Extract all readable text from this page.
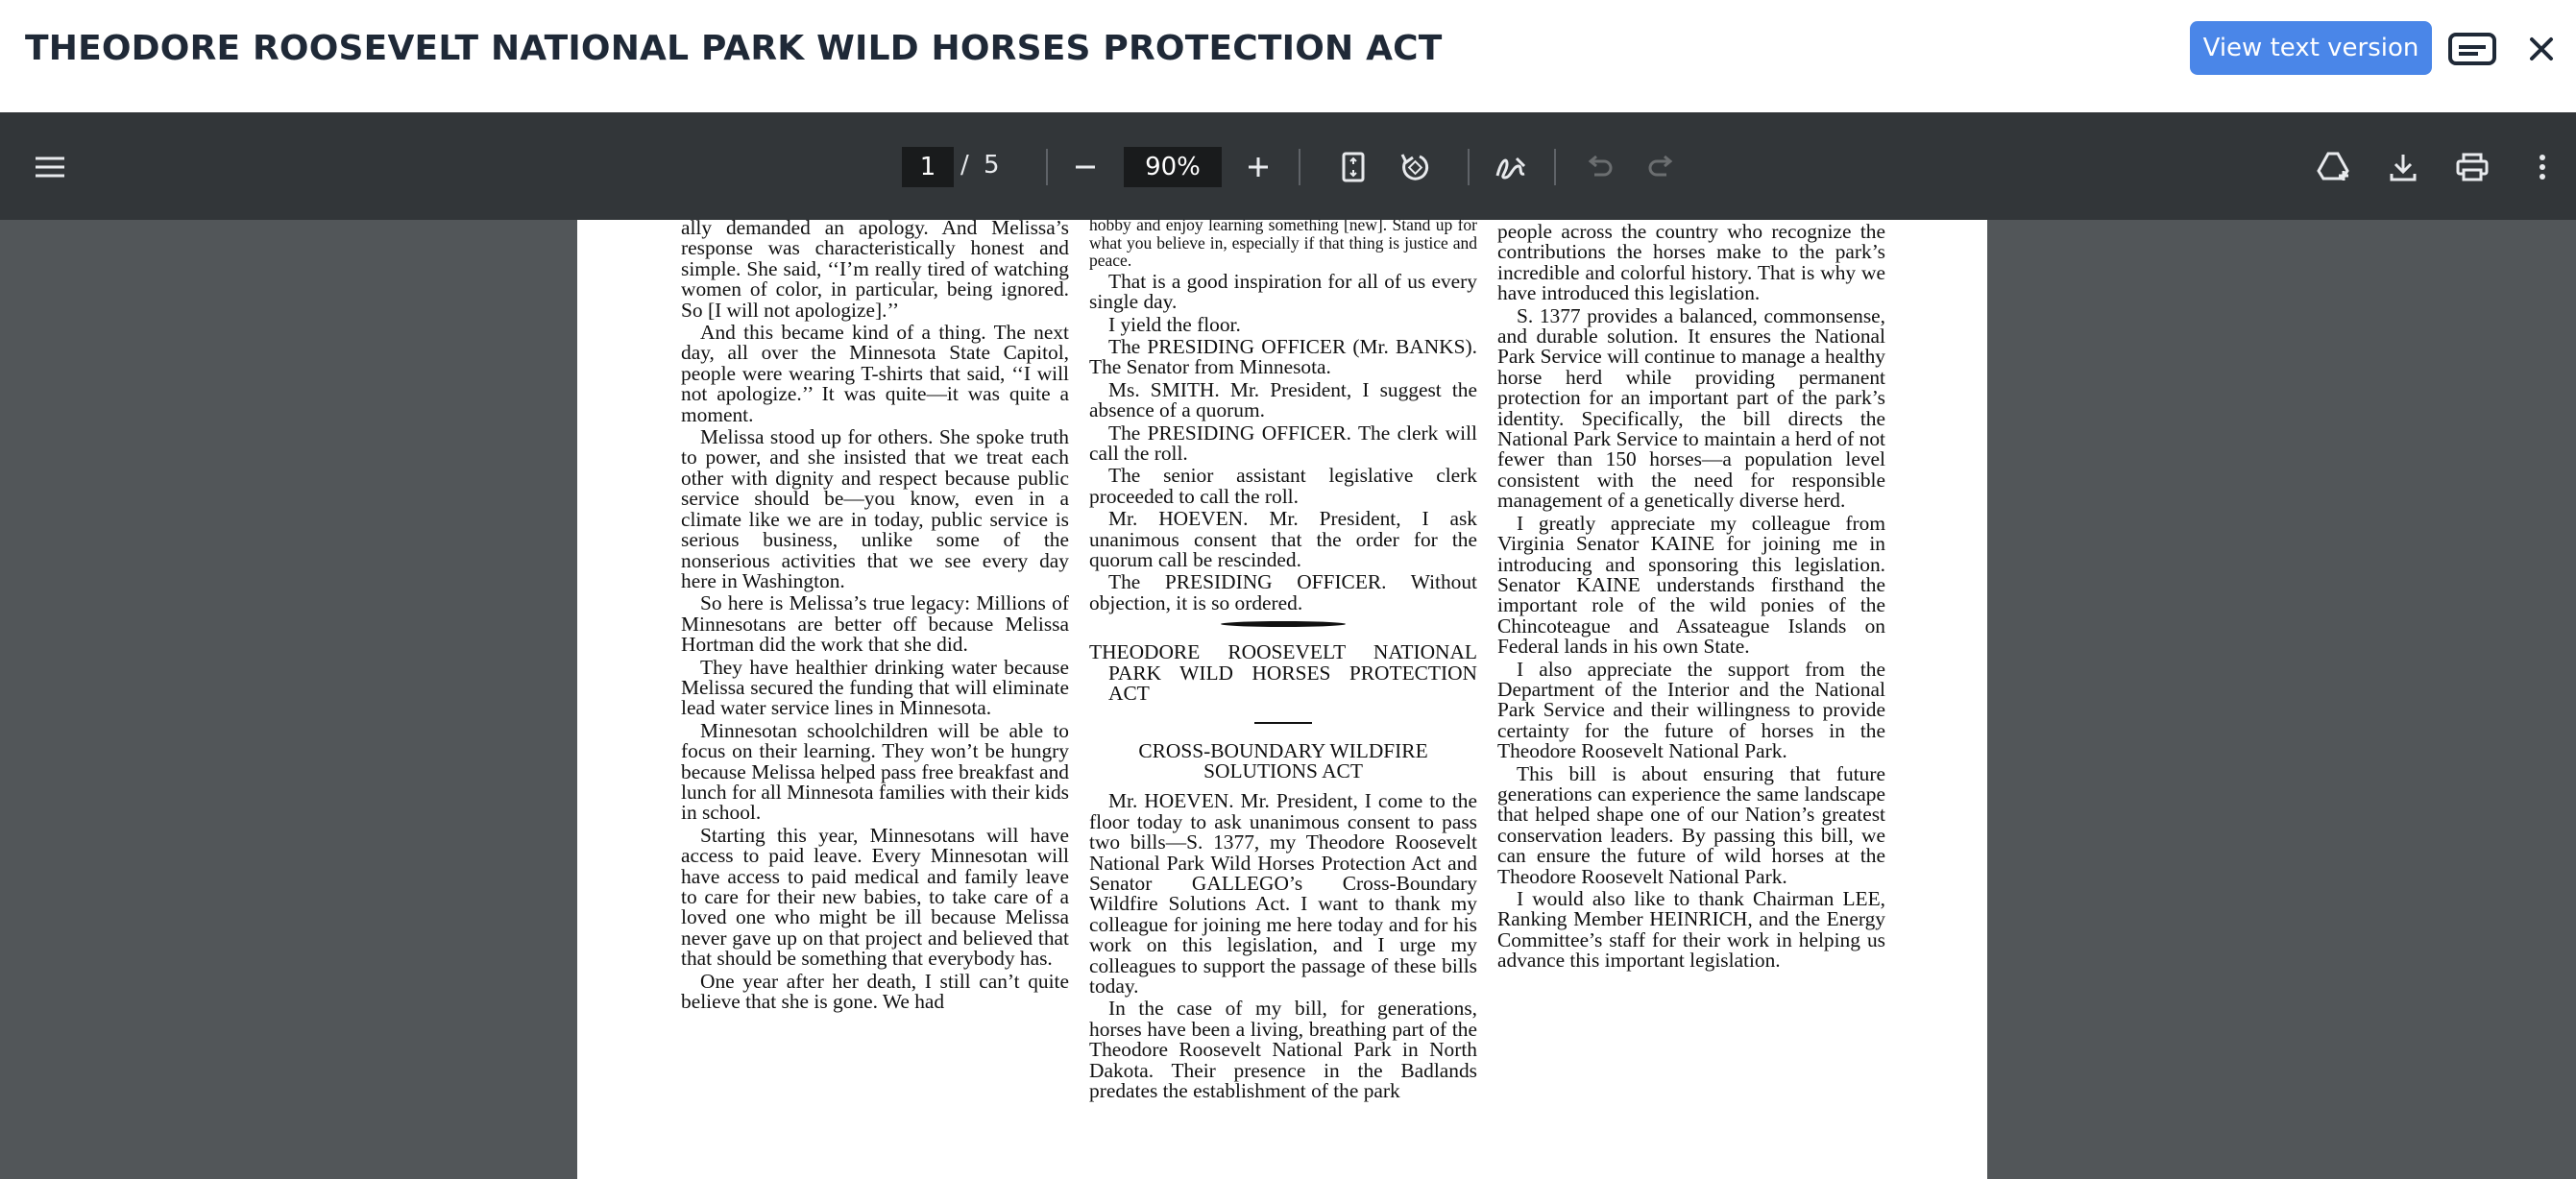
THEODORE ROOSEVELT NATIONAL PARK WILD HORSES PROTECTION ACT	View text version
1
/ 5
90%

ally demanded an apology. And Melissa’s response was characteristically honest and simple. She said, ‘‘I’m really tired of watching women of color, in particular, being ignored. So [I will not apologize].’’

And this became kind of a thing. The next day, all over the Minnesota State Capitol, people were wearing T-shirts that said, ‘‘I will not apologize.’’ It was quite—it was quite a moment.

Melissa stood up for others. She spoke truth to power, and she insisted that we treat each other with dignity and respect because public service should be—you know, even in a climate like we are in today, public service is serious business, unlike some of the nonserious activities that we see every day here in Washington.

So here is Melissa’s true legacy: Millions of Minnesotans are better off because Melissa Hortman did the work that she did.

They have healthier drinking water because Melissa secured the funding that will eliminate lead water service lines in Minnesota.

Minnesotan schoolchildren will be able to focus on their learning. They won’t be hungry because Melissa helped pass free breakfast and lunch for all Minnesota families with their kids in school.

Starting this year, Minnesotans will have access to paid leave. Every Minnesotan will have access to paid medical and family leave to care for their new babies, to take care of a loved one who might be ill because Melissa never gave up on that project and believed that that should be something that everybody has.

One year after her death, I still can’t quite believe that she is gone. We had

hobby and enjoy learning something [new]. Stand up for what you believe in, especially if that thing is justice and peace.

That is a good inspiration for all of us every single day.

I yield the floor.

The PRESIDING OFFICER (Mr. BANKS). The Senator from Minnesota.

Ms. SMITH. Mr. President, I suggest the absence of a quorum.

The PRESIDING OFFICER. The clerk will call the roll.

The senior assistant legislative clerk proceeded to call the roll.

Mr. HOEVEN. Mr. President, I ask unanimous consent that the order for the quorum call be rescinded.

The PRESIDING OFFICER. Without objection, it is so ordered.

THEODORE ROOSEVELT NATIONAL PARK WILD HORSES PROTECTION ACT
CROSS-BOUNDARY WILDFIRE
SOLUTIONS ACT

Mr. HOEVEN. Mr. President, I come to the floor today to ask unanimous consent to pass two bills—S. 1377, my Theodore Roosevelt National Park Wild Horses Protection Act and Senator GALLEGO’s Cross-Boundary Wildfire Solutions Act. I want to thank my colleague for joining me here today and for his work on this legislation, and I urge my colleagues to support the passage of these bills today.

In the case of my bill, for generations, horses have been a living, breathing part of the Theodore Roosevelt National Park in North Dakota. Their presence in the Badlands predates the establishment of the park

people across the country who recognize the contributions the horses make to the park’s incredible and colorful history. That is why we have introduced this legislation.

S. 1377 provides a balanced, commonsense, and durable solution. It ensures the National Park Service will continue to manage a healthy horse herd while providing permanent protection for an important part of the park’s identity. Specifically, the bill directs the National Park Service to maintain a herd of not fewer than 150 horses—a population level consistent with the need for responsible management of a genetically diverse herd.

I greatly appreciate my colleague from Virginia Senator KAINE for joining me in introducing and sponsoring this legislation. Senator KAINE understands firsthand the important role of the wild ponies of the Chincoteague and Assateague Islands on Federal lands in his own State.

I also appreciate the support from the Department of the Interior and the National Park Service and their willingness to provide certainty for the future of horses in the Theodore Roosevelt National Park.

This bill is about ensuring that future generations can experience the same landscape that helped shape one of our Nation’s greatest conservation leaders. By passing this bill, we can ensure the future of wild horses at the Theodore Roosevelt National Park.

I would also like to thank Chairman LEE, Ranking Member HEINRICH, and the Energy Committee’s staff for their work in helping us advance this important legislation.
